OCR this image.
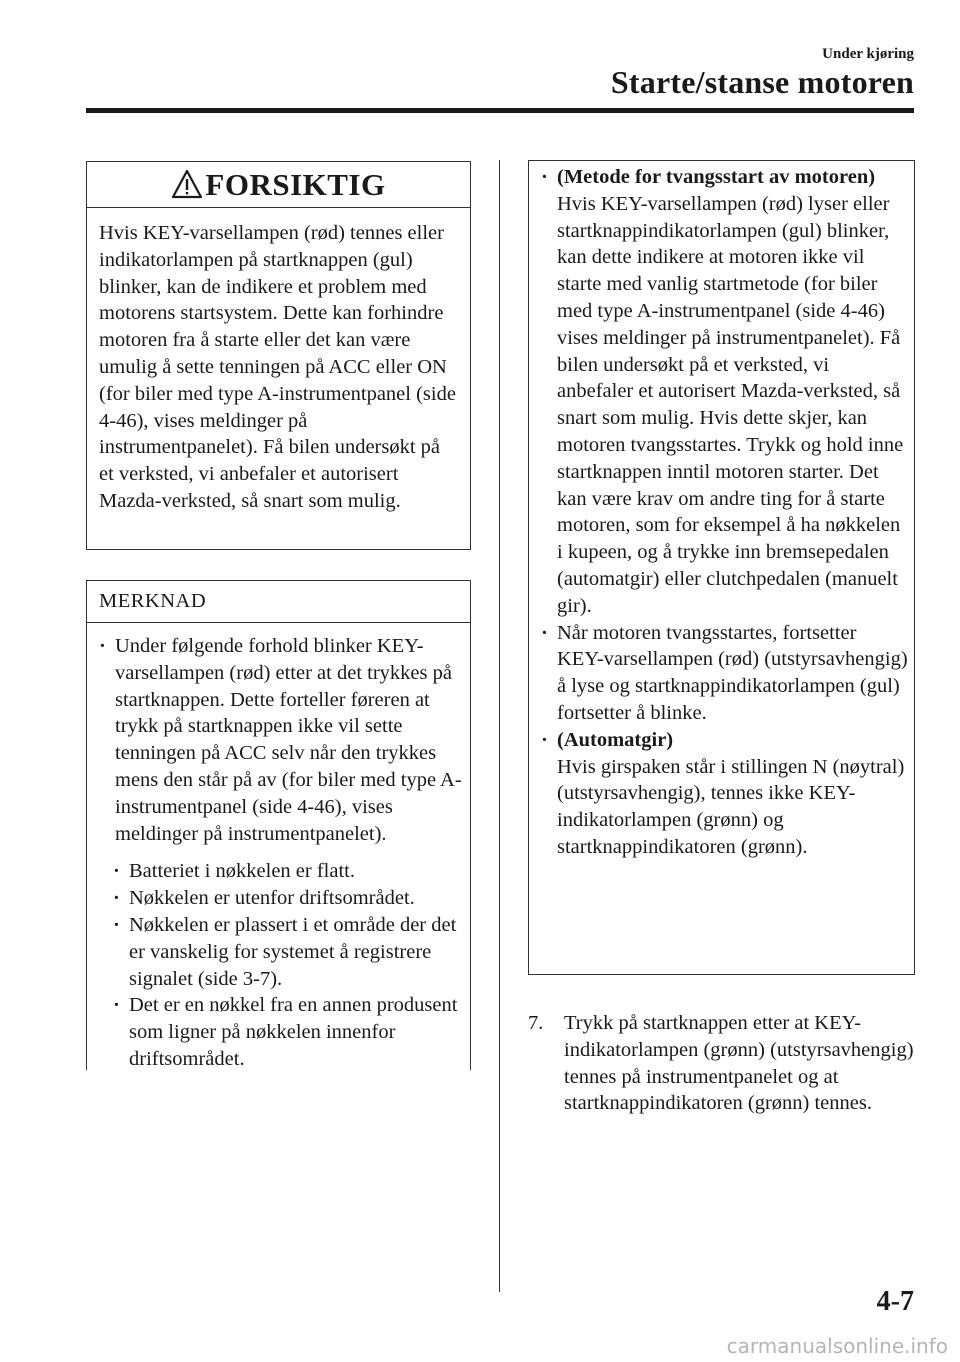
Under kjøring
Starte/stanse motoren
FORSIKTIG
Hvis KEY-varsellampen (rød) tennes eller indikatorlampen på startknappen (gul) blinker, kan de indikere et problem med motorens startsystem. Dette kan forhindre motoren fra å starte eller det kan være umulig å sette tenningen på ACC eller ON (for biler med type A-instrumentpanel (side 4-46), vises meldinger på instrumentpanelet). Få bilen undersøkt på et verksted, vi anbefaler et autorisert Mazda-verksted, så snart som mulig.
MERKNAD
· Under følgende forhold blinker KEY-varsellampen (rød) etter at det trykkes på startknappen. Dette forteller føreren at trykk på startknappen ikke vil sette tenningen på ACC selv når den trykkes mens den står på av (for biler med type A-instrumentpanel (side 4-46), vises meldinger på instrumentpanelet).
· Batteriet i nøkkelen er flatt.
· Nøkkelen er utenfor driftsområdet.
· Nøkkelen er plassert i et område der det er vanskelig for systemet å registrere signalet (side 3-7).
· Det er en nøkkel fra en annen produsent som ligner på nøkkelen innenfor driftsområdet.
· (Metode for tvangsstart av motoren)
Hvis KEY-varsellampen (rød) lyser eller startknappindikatorlampen (gul) blinker, kan dette indikere at motoren ikke vil starte med vanlig startmetode (for biler med type A-instrumentpanel (side 4-46) vises meldinger på instrumentpanelet). Få bilen undersøkt på et verksted, vi anbefaler et autorisert Mazda-verksted, så snart som mulig. Hvis dette skjer, kan motoren tvangsstartes. Trykk og hold inne startknappen inntil motoren starter. Det kan være krav om andre ting for å starte motoren, som for eksempel å ha nøkkelen i kupeen, og å trykke inn bremsepedalen (automatgir) eller clutchpedalen (manuelt gir).
· Når motoren tvangsstartes, fortsetter KEY-varsellampen (rød) (utstyrsavhengig) å lyse og startknappindikatorlampen (gul) fortsetter å blinke.
· (Automatgir)
Hvis girspaken står i stillingen N (nøytral) (utstyrsavhengig), tennes ikke KEY-indikatorlampen (grønn) og startknappindikatoren (grønn).
7.	Trykk på startknappen etter at KEY-indikatorlampen (grønn) (utstyrsavhengig) tennes på instrumentpanelet og at startknappindikatoren (grønn) tennes.
4-7
carmanualsonline.info
